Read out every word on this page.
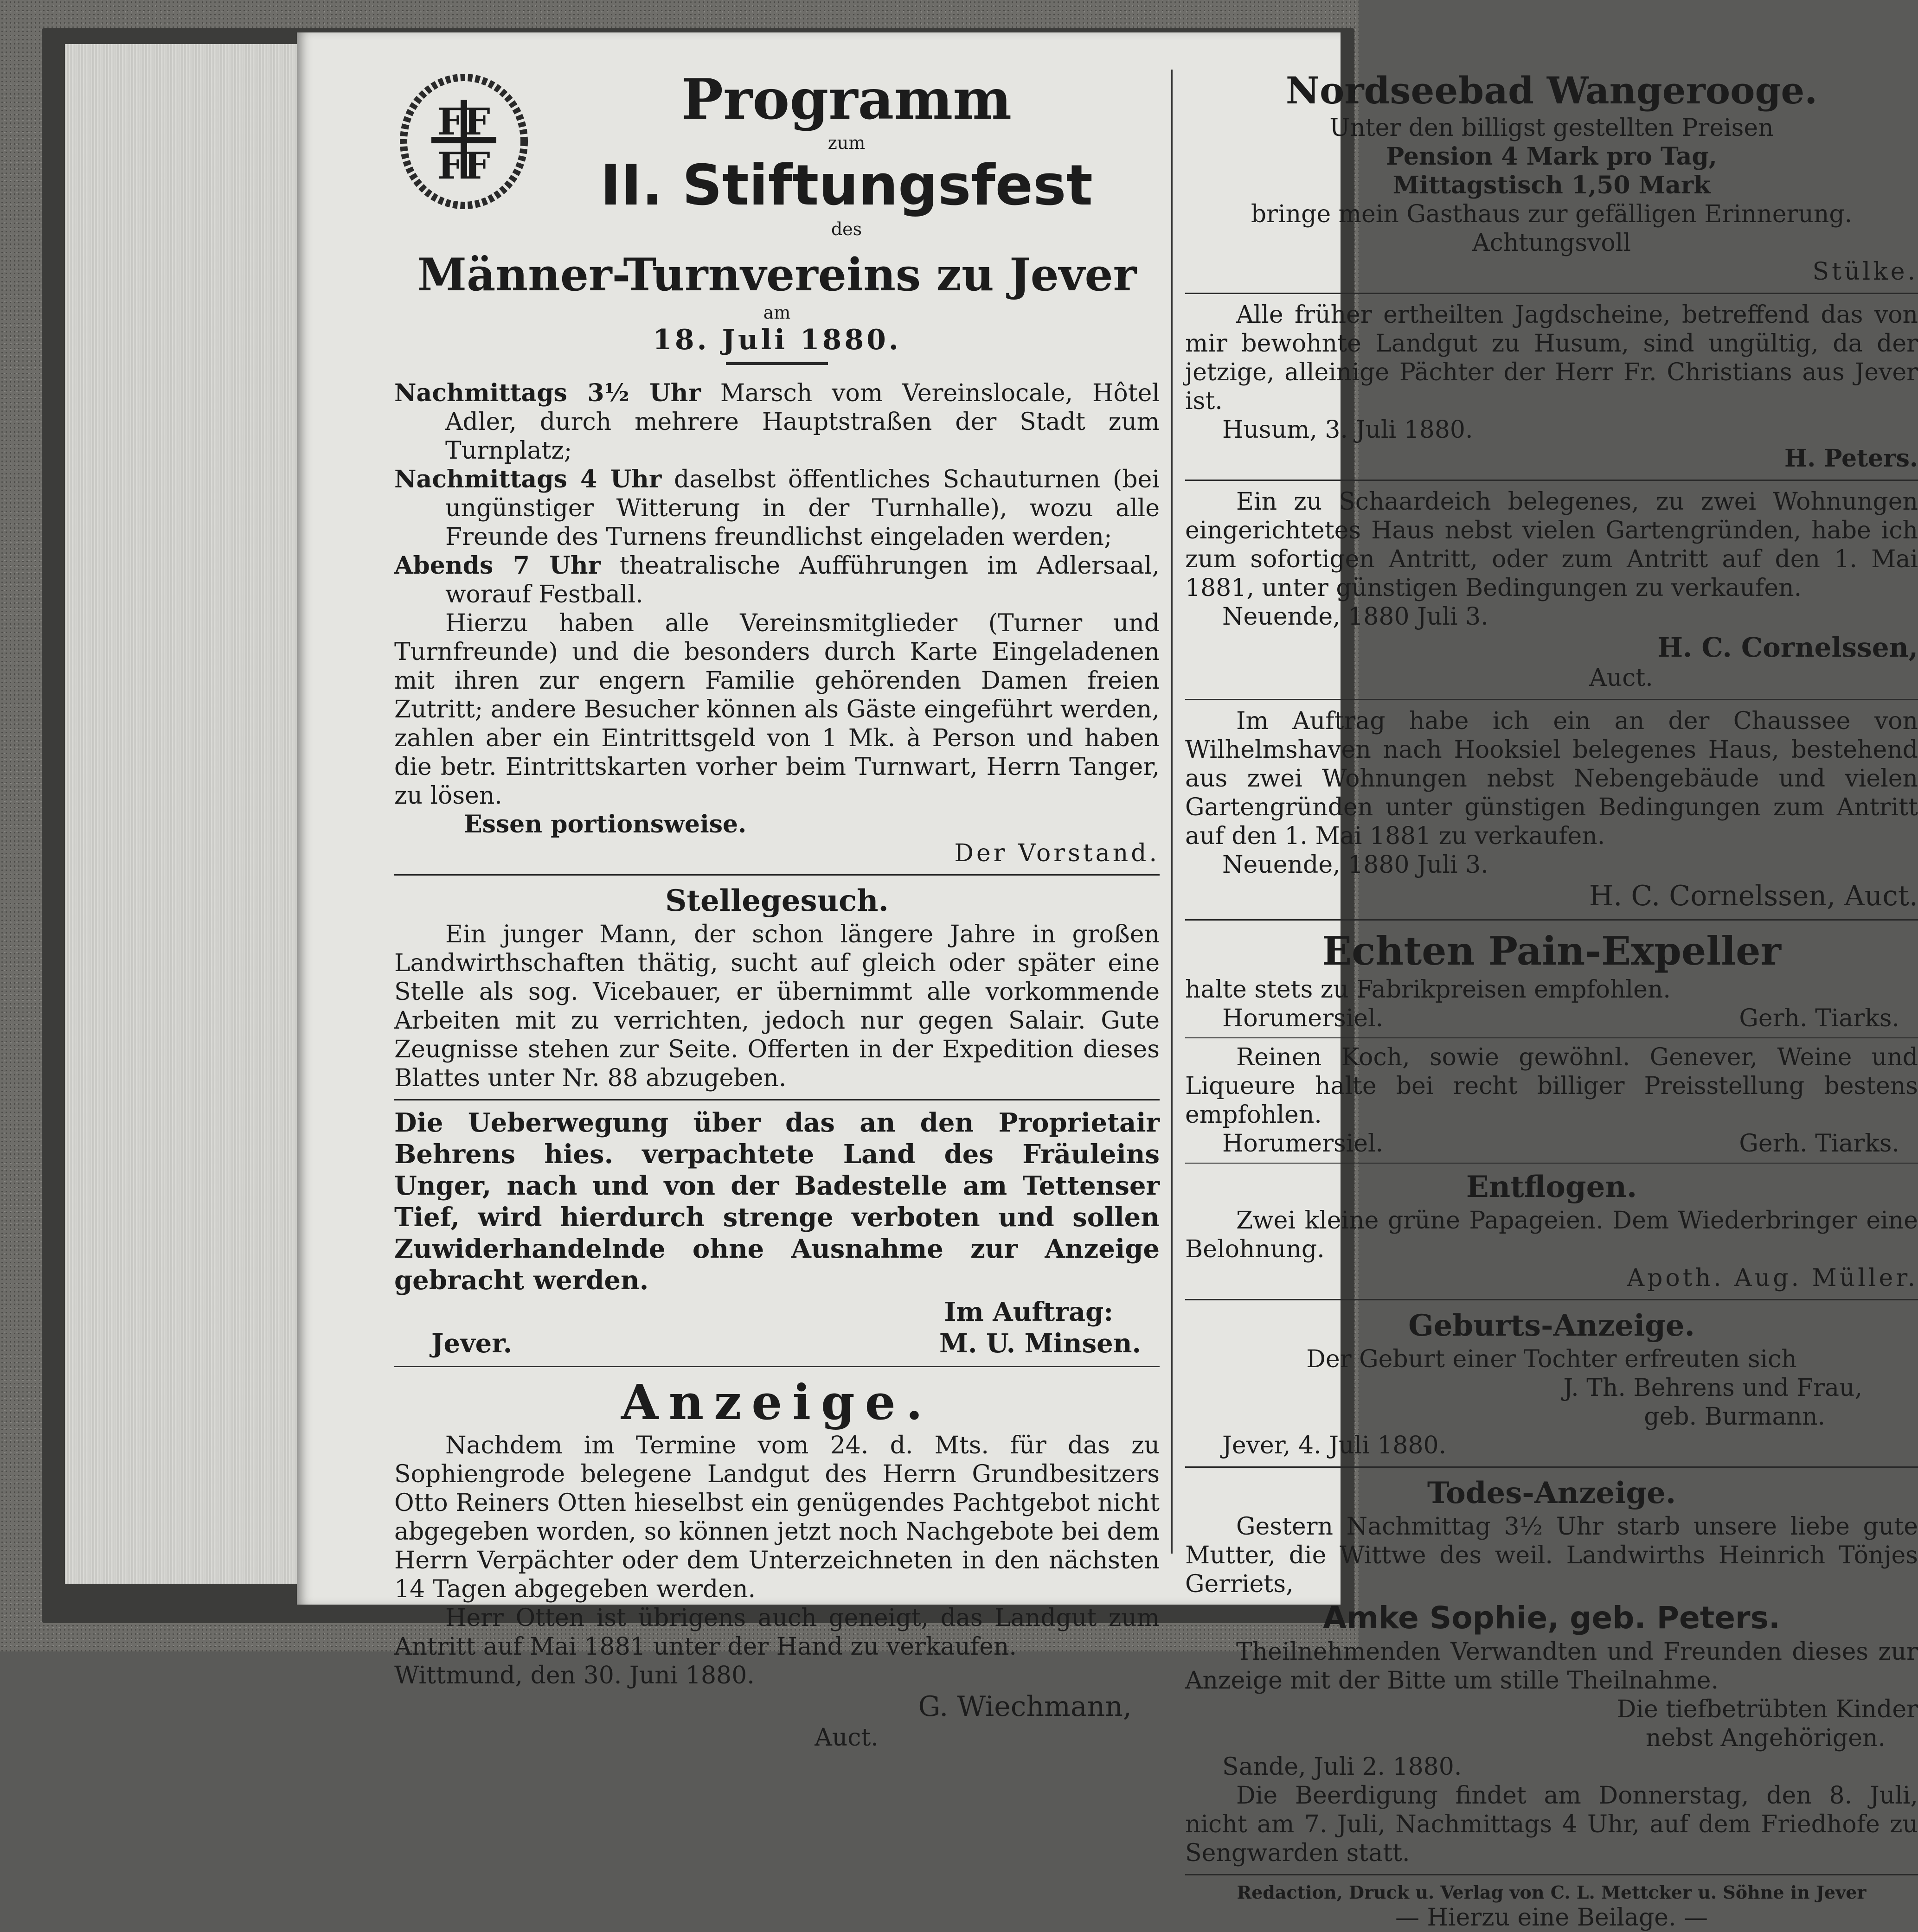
FF
FF
Programm
zum
II. Stiftungsfest
des
Männer-Turnvereins zu Jever
am
18. Juli 1880.
Nachmittags 3½ Uhr Marsch vom Vereinslocale, Hôtel Adler, durch mehrere Hauptstraßen der Stadt zum Turnplatz;
Nachmittags 4 Uhr daselbst öffentliches Schauturnen (bei ungünstiger Witterung in der Turnhalle), wozu alle Freunde des Turnens freundlichst eingeladen werden;
Abends 7 Uhr theatralische Aufführungen im Adlersaal, worauf Festball.
Hierzu haben alle Vereinsmitglieder (Turner und Turnfreunde) und die besonders durch Karte Eingeladenen mit ihren zur engern Familie gehörenden Damen freien Zutritt; andere Besucher können als Gäste eingeführt werden, zahlen aber ein Eintrittsgeld von 1 Mk. à Person und haben die betr. Eintrittskarten vorher beim Turnwart, Herrn Tanger, zu lösen.
Essen portionsweise.
Der Vorstand.
Stellegesuch.
Ein junger Mann, der schon längere Jahre in großen Landwirthschaften thätig, sucht auf gleich oder später eine Stelle als sog. Vicebauer, er übernimmt alle vorkommende Arbeiten mit zu verrichten, jedoch nur gegen Salair. Gute Zeugnisse stehen zur Seite. Offerten in der Expedition dieses Blattes unter Nr. 88 abzugeben.
Die Ueberwegung über das an den Proprietair Behrens hies. verpachtete Land des Fräuleins Unger, nach und von der Badestelle am Tettenser Tief, wird hierdurch strenge verboten und sollen Zuwiderhandelnde ohne Ausnahme zur Anzeige gebracht werden.
Im Auftrag:
Jever.	M. U. Minsen.
Anzeige.
Nachdem im Termine vom 24. d. Mts. für das zu Sophiengrode belegene Landgut des Herrn Grundbesitzers Otto Reiners Otten hieselbst ein genügendes Pachtgebot nicht abgegeben worden, so können jetzt noch Nachgebote bei dem Herrn Verpächter oder dem Unterzeichneten in den nächsten 14 Tagen abgegeben werden.
Herr Otten ist übrigens auch geneigt, das Landgut zum Antritt auf Mai 1881 unter der Hand zu verkaufen.
Wittmund, den 30. Juni 1880.
G. Wiechmann,
Auct.
Nordseebad Wangerooge.
Unter den billigst gestellten Preisen
Pension 4 Mark pro Tag,
Mittagstisch 1,50 Mark
bringe mein Gasthaus zur gefälligen Erinnerung.
Achtungsvoll
Stülke.
Alle früher ertheilten Jagdscheine, betreffend das von mir bewohnte Landgut zu Husum, sind ungültig, da der jetzige, alleinige Pächter der Herr Fr. Christians aus Jever ist.
Husum, 3. Juli 1880.
H. Peters.
Ein zu Schaardeich belegenes, zu zwei Wohnungen eingerichtetes Haus nebst vielen Gartengründen, habe ich zum sofortigen Antritt, oder zum Antritt auf den 1. Mai 1881, unter günstigen Bedingungen zu verkaufen.
Neuende, 1880 Juli 3.
H. C. Cornelssen,
Auct.
Im Auftrag habe ich ein an der Chaussee von Wilhelmshaven nach Hooksiel belegenes Haus, bestehend aus zwei Wohnungen nebst Nebengebäude und vielen Gartengründen unter günstigen Bedingungen zum Antritt auf den 1. Mai 1881 zu verkaufen.
Neuende, 1880 Juli 3.
H. C. Cornelssen, Auct.
Echten Pain-Expeller
halte stets zu Fabrikpreisen empfohlen.
Horumersiel.	Gerh. Tiarks.
Reinen Koch, sowie gewöhnl. Genever, Weine und Liqueure halte bei recht billiger Preisstellung bestens empfohlen.
Horumersiel.	Gerh. Tiarks.
Entflogen.
Zwei kleine grüne Papageien. Dem Wiederbringer eine Belohnung.
Apoth. Aug. Müller.
Geburts-Anzeige.
Der Geburt einer Tochter erfreuten sich
J. Th. Behrens und Frau,
geb. Burmann.
Jever, 4. Juli 1880.
Todes-Anzeige.
Gestern Nachmittag 3½ Uhr starb unsere liebe gute Mutter, die Wittwe des weil. Landwirths Heinrich Tönjes Gerriets,
Amke Sophie, geb. Peters.
Theilnehmenden Verwandten und Freunden dieses zur Anzeige mit der Bitte um stille Theilnahme.
Die tiefbetrübten Kinder
nebst Angehörigen.
Sande, Juli 2. 1880.
Die Beerdigung findet am Donnerstag, den 8. Juli, nicht am 7. Juli, Nachmittags 4 Uhr, auf dem Friedhofe zu Sengwarden statt.
Redaction, Druck u. Verlag von C. L. Mettcker u. Söhne in Jever
— Hierzu eine Beilage. —
